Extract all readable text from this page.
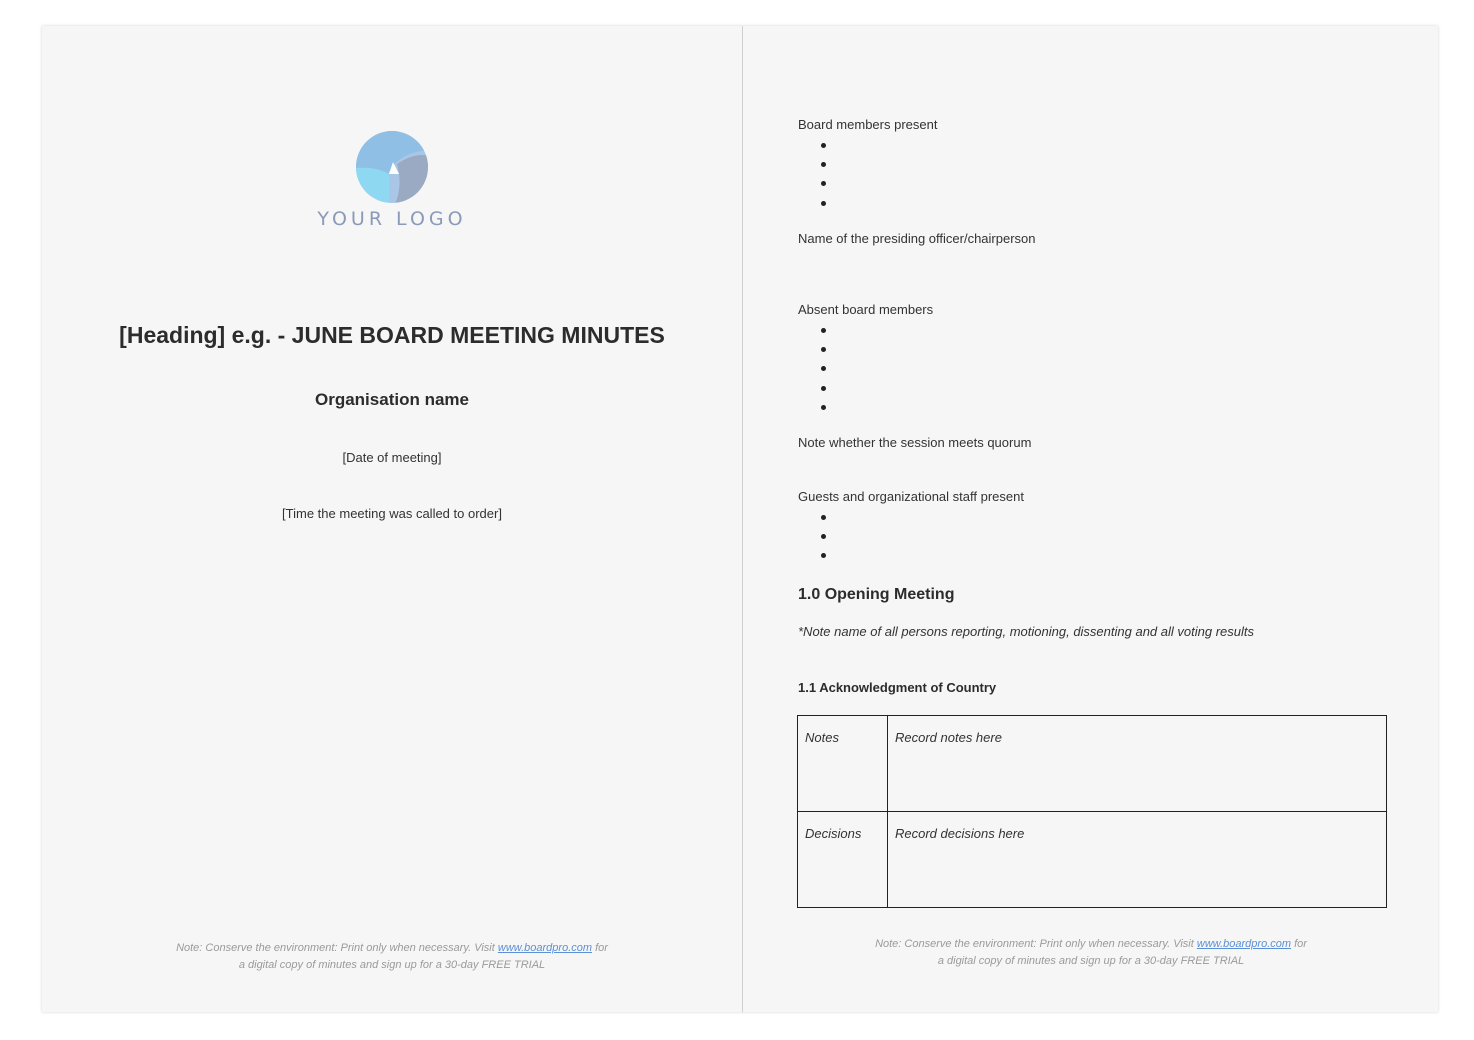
YOUR LOGO
[Heading] e.g. - JUNE BOARD MEETING MINUTES
Organisation name
[Date of meeting]
[Time the meeting was called to order]
Note: Conserve the environment: Print only when necessary. Visit www.boardpro.com for
a digital copy of minutes and sign up for a 30-day FREE TRIAL
Board members present
Name of the presiding officer/chairperson
Absent board members
Note whether the session meets quorum
Guests and organizational staff present
1.0 Opening Meeting
*Note name of all persons reporting, motioning, dissenting and all voting results
1.1 Acknowledgment of Country
Notes	Record notes here
Decisions	Record decisions here
Note: Conserve the environment: Print only when necessary. Visit www.boardpro.com for
a digital copy of minutes and sign up for a 30-day FREE TRIAL
